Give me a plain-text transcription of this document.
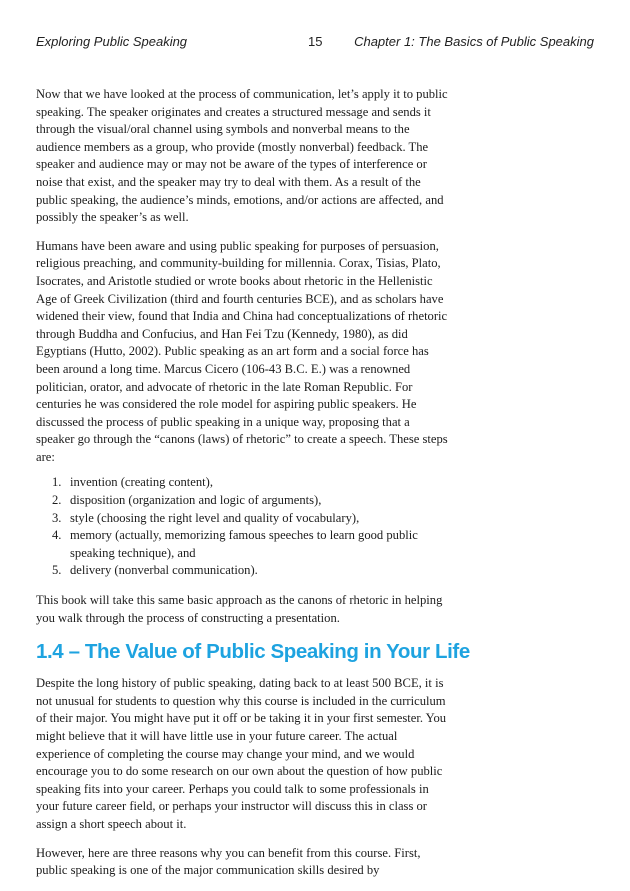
Exploring Public Speaking	15 Chapter 1: The Basics of Public Speaking

Now that we have looked at the process of communication, let’s apply it to public speaking. The speaker originates and creates a structured message and sends it through the visual/oral channel using symbols and nonverbal means to the audience members as a group, who provide (mostly nonverbal) feedback. The speaker and audience may or may not be aware of the types of interference or noise that exist, and the speaker may try to deal with them. As a result of the public speaking, the audience’s minds, emotions, and/or actions are affected, and possibly the speaker’s as well.

Humans have been aware and using public speaking for purposes of persuasion, religious preaching, and community-building for millennia. Corax, Tisias, Plato, Isocrates, and Aristotle studied or wrote books about rhetoric in the Hellenistic Age of Greek Civilization (third and fourth centuries BCE), and as scholars have widened their view, found that India and China had conceptualizations of rhetoric through Buddha and Confucius, and Han Fei Tzu (Kennedy, 1980), as did Egyptians (Hutto, 2002). Public speaking as an art form and a social force has been around a long time. Marcus Cicero (106-43 B.C. E.) was a renowned politician, orator, and advocate of rhetoric in the late Roman Republic. For centuries he was considered the role model for aspiring public speakers. He discussed the process of public speaking in a unique way, proposing that a speaker go through the “canons (laws) of rhetoric” to create a speech. These steps are:

1. invention (creating content),
2. disposition (organization and logic of arguments),
3. style (choosing the right level and quality of vocabulary),
4. memory (actually, memorizing famous speeches to learn good public speaking technique), and
5. delivery (nonverbal communication).

This book will take this same basic approach as the canons of rhetoric in helping you walk through the process of constructing a presentation.

1.4 – The Value of Public Speaking in Your Life

Despite the long history of public speaking, dating back to at least 500 BCE, it is not unusual for students to question why this course is included in the curriculum of their major. You might have put it off or be taking it in your first semester. You might believe that it will have little use in your future career. The actual experience of completing the course may change your mind, and we would encourage you to do some research on our own about the question of how public speaking fits into your career. Perhaps you could talk to some professionals in your future career field, or perhaps your instructor will discuss this in class or assign a short speech about it.

However, here are three reasons why you can benefit from this course. First, public speaking is one of the major communication skills desired by
